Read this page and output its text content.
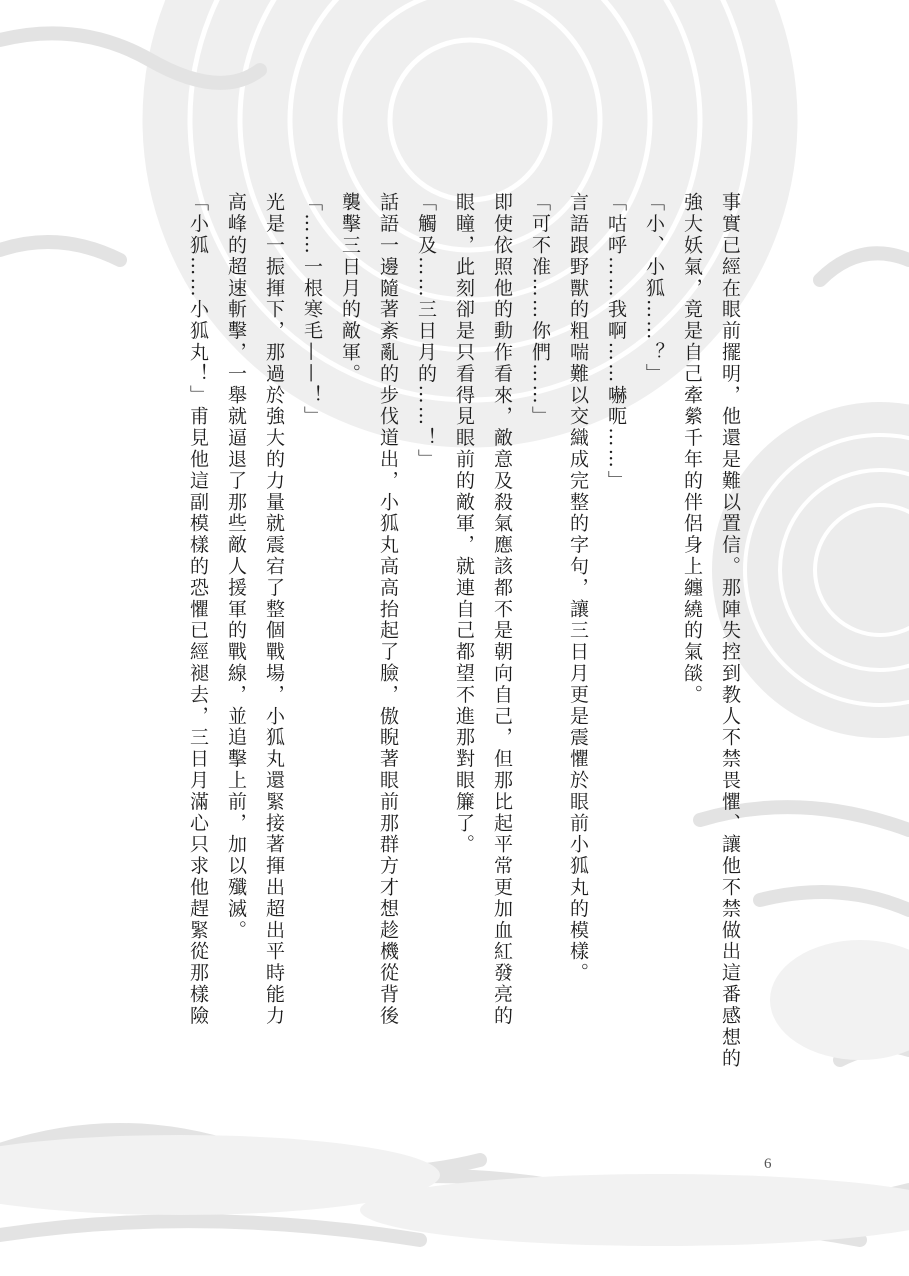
事實已經在眼前擺明，他還是難以置信。那陣失控到教人不禁畏懼、讓他不禁做出這番感想的
強大妖氣，竟是自己牽縈千年的伴侶身上纏繞的氣燄。
「小、小狐……？」
「咕呼……我啊……嚇呃……」
言語跟野獸的粗喘難以交織成完整的字句，讓三日月更是震懼於眼前小狐丸的模樣。
「可不准……你們……」
即使依照他的動作看來，敵意及殺氣應該都不是朝向自己，但那比起平常更加血紅發亮的
眼瞳，此刻卻是只看得見眼前的敵軍，就連自己都望不進那對眼簾了。
「觸及……三日月的……！」
話語一邊隨著紊亂的步伐道出，小狐丸高高抬起了臉，傲睨著眼前那群方才想趁機從背後
襲擊三日月的敵軍。
「……一根寒毛——！」
光是一振揮下，那過於強大的力量就震宕了整個戰場，小狐丸還緊接著揮出超出平時能力
高峰的超速斬擊，一舉就逼退了那些敵人援軍的戰線，並追擊上前，加以殲滅。
「小狐……小狐丸！」甫見他這副模樣的恐懼已經褪去，三日月滿心只求他趕緊從那樣險
6
